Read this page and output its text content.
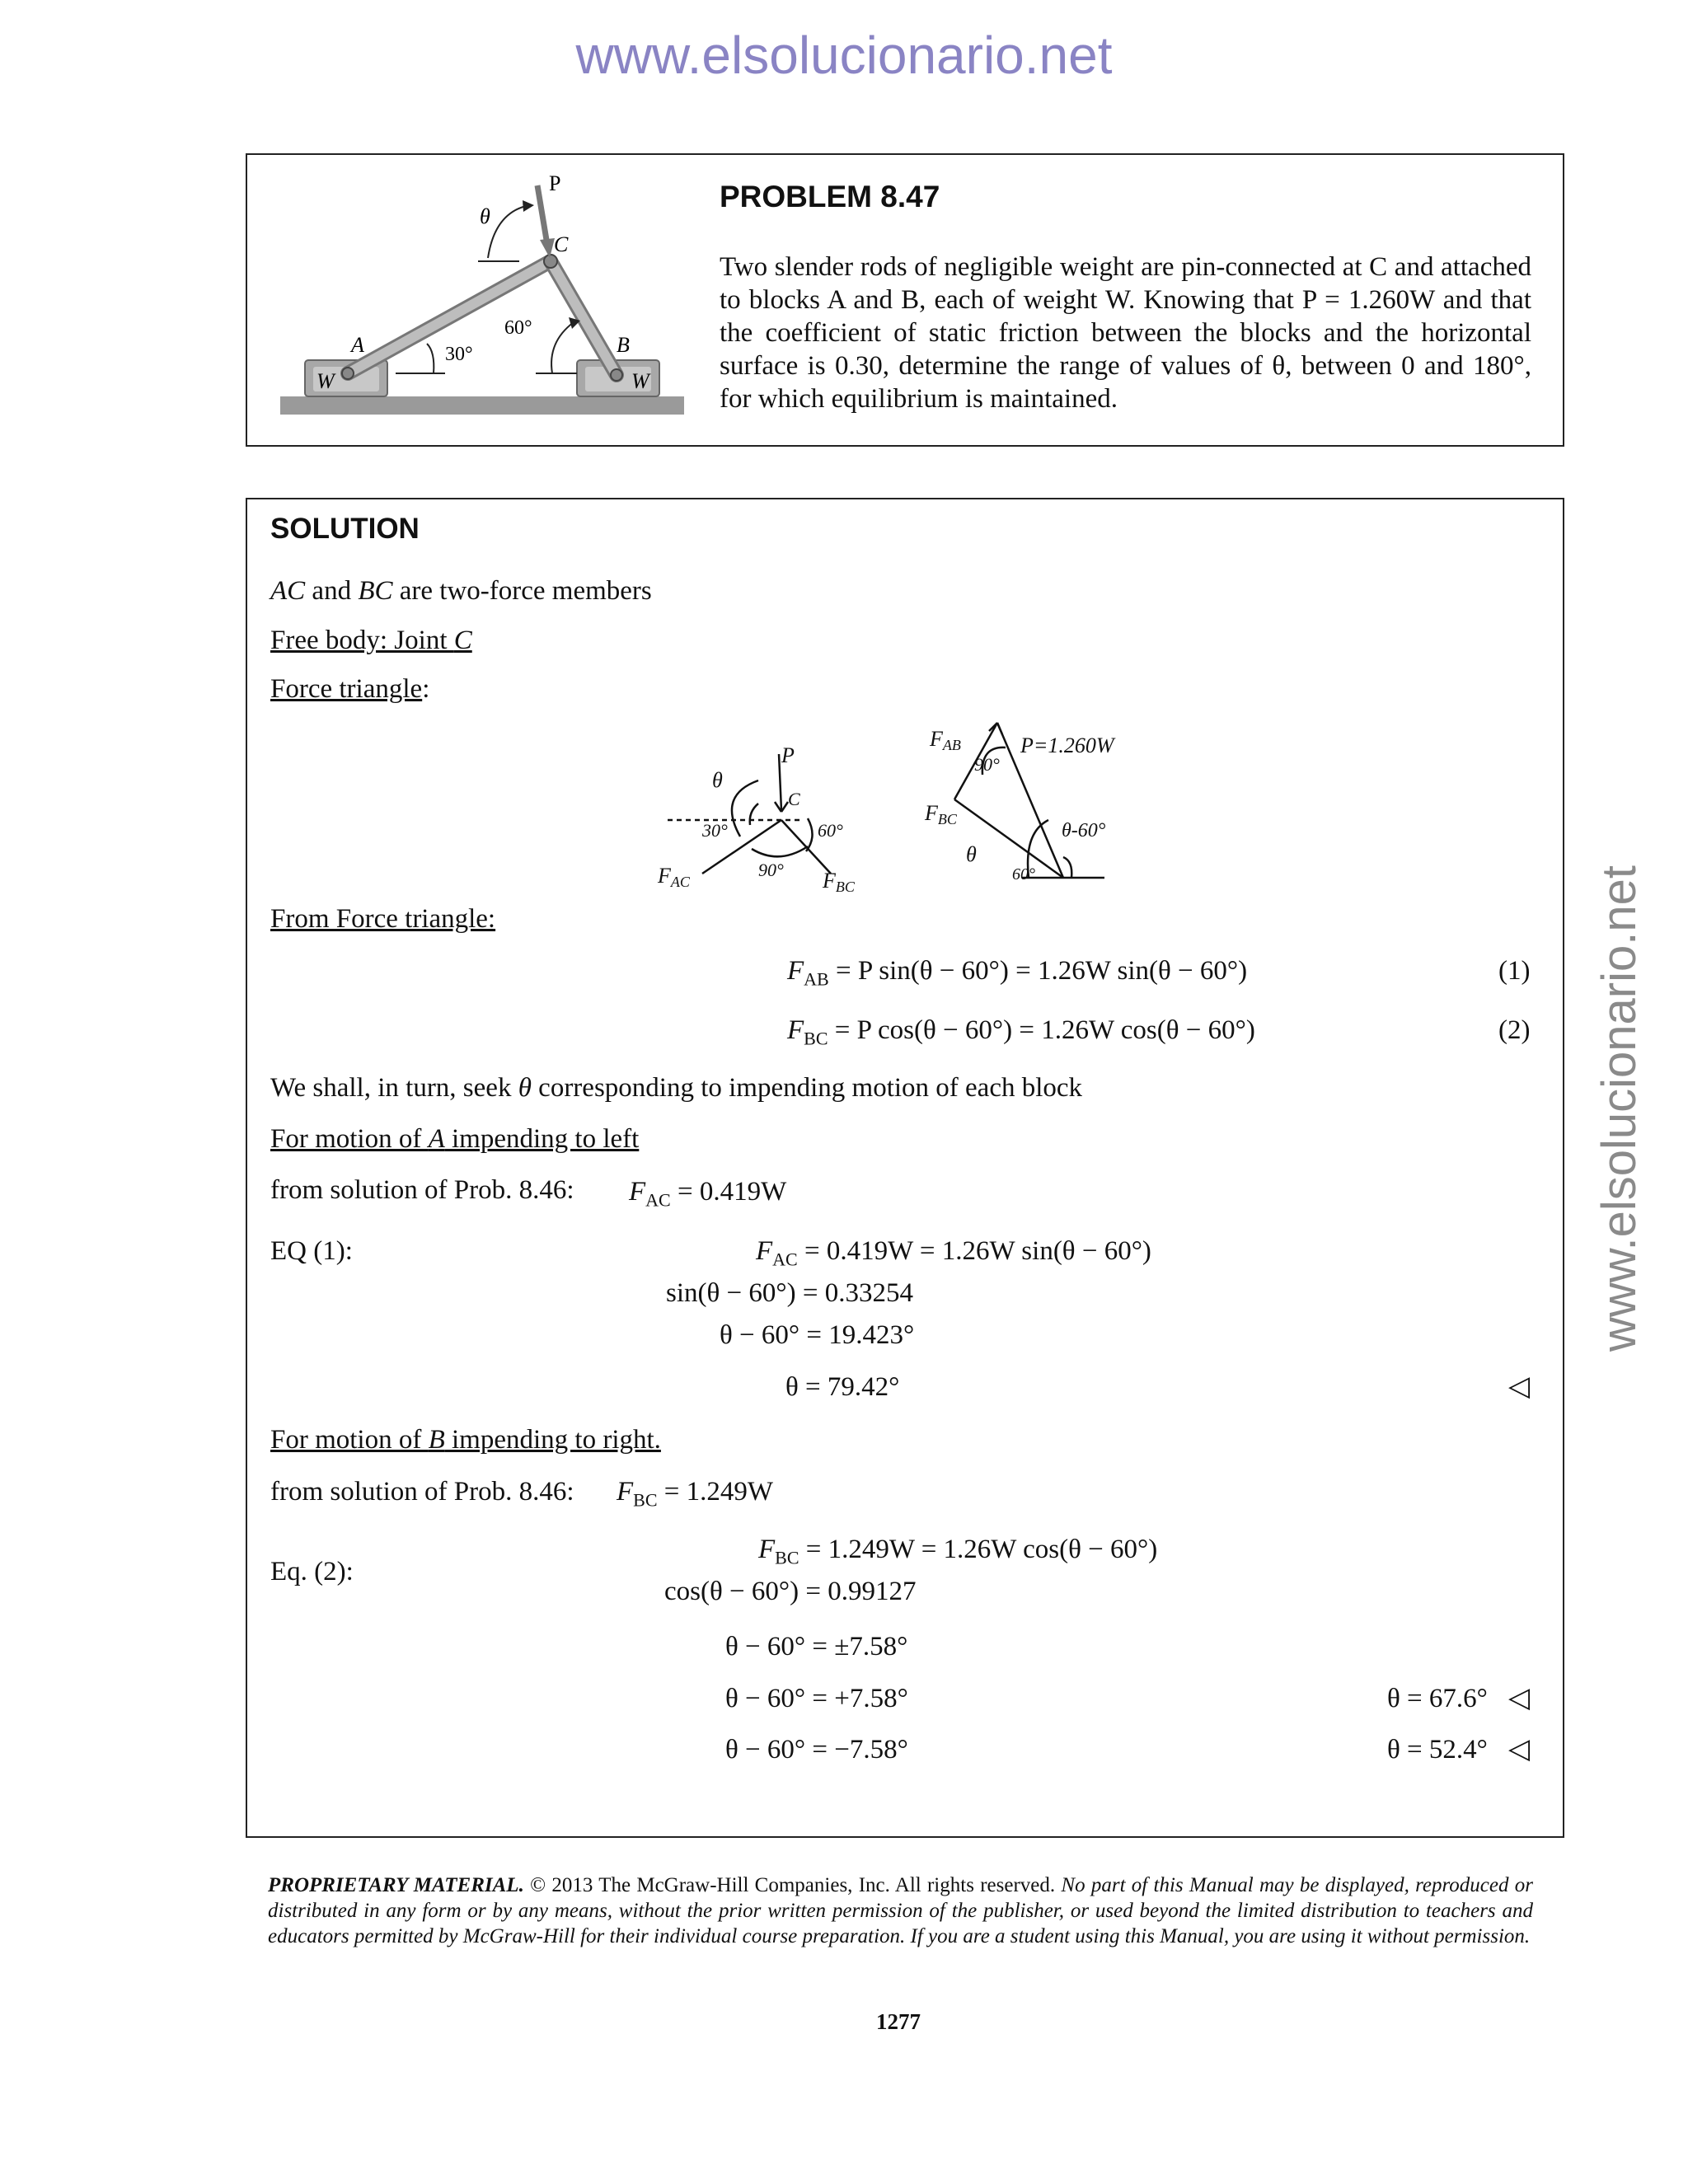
www.elsolucionario.net
www.elsolucionario.net
P
θ
C
A	B
W	W
30°
60°
PROBLEM 8.47
Two slender rods of negligible weight are pin-connected at C and attached to blocks A and B, each of weight W. Knowing that P = 1.260W and that the coefficient of static friction between the blocks and the horizontal surface is 0.30, determine the range of values of θ, between 0 and 180°, for which equilibrium is maintained.
SOLUTION
AC and BC are two-force members
Free body: Joint C
Force triangle:
θ
P
C
30°	60°
90°
FAC	FBC
FAB	P=1.260W
90°
FBC
θ-60°
θ
60°
From Force triangle:
$F_{AB} = P$ sin(θ − 60°) = 1.26W sin(θ − 60°)	(1)
$F_{BC} = P$ cos(θ − 60°) = 1.26W cos(θ − 60°)	(2)
We shall, in turn, seek θ corresponding to impending motion of each block
For motion of A impending to left
from solution of Prob. 8.46: $F_{AC} = 0.419W$
EQ (1):	$F_{AC} = 0.419W = 1.26W$ sin(θ − 60°)
sin(θ − 60°) = 0.33254
θ − 60° = 19.423°
θ = 79.42°	◁
For motion of B impending to right.
from solution of Prob. 8.46: $F_{BC} = 1.249W$
Eq. (2):
$F_{BC} = 1.249W = 1.26W$ cos(θ − 60°)
cos(θ − 60°) = 0.99127
θ − 60° = ±7.58°
θ − 60° = +7.58°	θ = 67.6° ◁
θ − 60° = −7.58°	θ = 52.4° ◁
PROPRIETARY MATERIAL. © 2013 The McGraw-Hill Companies, Inc. All rights reserved. No part of this Manual may be displayed, reproduced or distributed in any form or by any means, without the prior written permission of the publisher, or used beyond the limited distribution to teachers and educators permitted by McGraw-Hill for their individual course preparation. If you are a student using this Manual, you are using it without permission.
1277
